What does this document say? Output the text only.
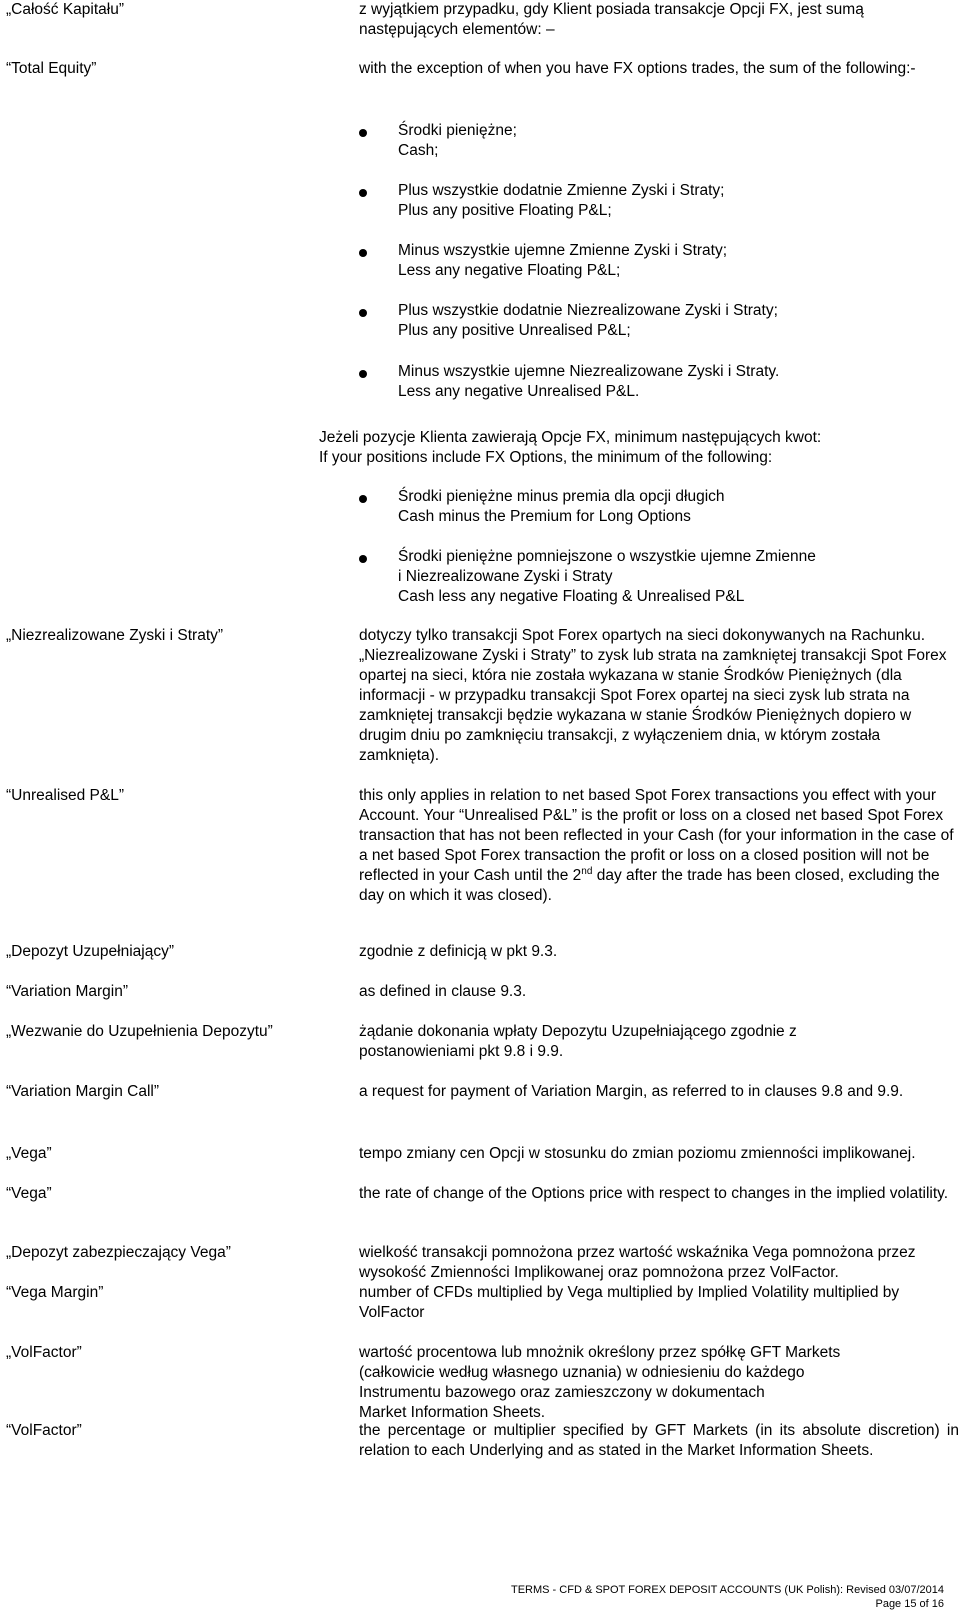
„Całość Kapitału”
“Total Equity”
z wyjątkiem przypadku, gdy Klient posiada transakcje Opcji FX, jest sumą następujących elementów: –
with the exception of when you have FX options trades, the sum of the following:-
Środki pieniężne;
Cash;
Plus wszystkie dodatnie Zmienne Zyski i Straty;
Plus any positive Floating P&L;
Minus wszystkie ujemne Zmienne Zyski i Straty;
Less any negative Floating P&L;
Plus wszystkie dodatnie Niezrealizowane Zyski i Straty;
Plus any positive Unrealised P&L;
Minus wszystkie ujemne Niezrealizowane Zyski i Straty.
Less any negative Unrealised P&L.
Jeżeli pozycje Klienta zawierają Opcje FX, minimum następujących kwot:
If your positions include FX Options, the minimum of the following:
Środki pieniężne minus premia dla opcji długich
Cash minus the Premium for Long Options
Środki pieniężne pomniejszone o wszystkie ujemne Zmienne
i Niezrealizowane Zyski i Straty
Cash less any negative Floating & Unrealised P&L
„Niezrealizowane Zyski i Straty”
“Unrealised P&L”
dotyczy tylko transakcji Spot Forex opartych na sieci dokonywanych na Rachunku. „Niezrealizowane Zyski i Straty” to zysk lub strata na zamkniętej transakcji Spot Forex opartej na sieci, która nie została wykazana w stanie Środków Pieniężnych (dla informacji - w przypadku transakcji Spot Forex opartej na sieci zysk lub strata na zamkniętej transakcji będzie wykazana w stanie Środków Pieniężnych dopiero w drugim dniu po zamknięciu transakcji, z wyłączeniem dnia, w którym została zamknięta).
this only applies in relation to net based Spot Forex transactions you effect with your Account. Your “Unrealised P&L” is the profit or loss on a closed net based Spot Forex transaction that has not been reflected in your Cash (for your information in the case of a net based Spot Forex transaction the profit or loss on a closed position will not be reflected in your Cash until the 2nd day after the trade has been closed, excluding the day on which it was closed).
„Depozyt Uzupełniający”
“Variation Margin”
zgodnie z definicją w pkt 9.3.
as defined in clause 9.3.
„Wezwanie do Uzupełnienia Depozytu”
“Variation Margin Call”
żądanie dokonania wpłaty Depozytu Uzupełniającego zgodnie z postanowieniami pkt 9.8 i 9.9.
a request for payment of Variation Margin, as referred to in clauses 9.8 and 9.9.
„Vega”
“Vega”
tempo zmiany cen Opcji w stosunku do zmian poziomu zmienności implikowanej.
the rate of change of the Options price with respect to changes in the implied volatility.
„Depozyt zabezpieczający Vega”
“Vega Margin”
wielkość transakcji pomnożona przez wartość wskaźnika Vega pomnożona przez wysokość Zmienności Implikowanej oraz pomnożona przez VolFactor.
number of CFDs multiplied by Vega multiplied by Implied Volatility multiplied by VolFactor
„VolFactor”
“VolFactor”
wartość procentowa lub mnożnik określony przez spółkę GFT Markets
(całkowicie według własnego uznania) w odniesieniu do każdego
Instrumentu bazowego oraz zamieszczony w dokumentach
Market Information Sheets.
the percentage or multiplier specified by GFT Markets (in its absolute discretion) in relation to each Underlying and as stated in the Market Information Sheets.
TERMS - CFD & SPOT FOREX DEPOSIT ACCOUNTS (UK Polish): Revised 03/07/2014
Page 15 of 16
